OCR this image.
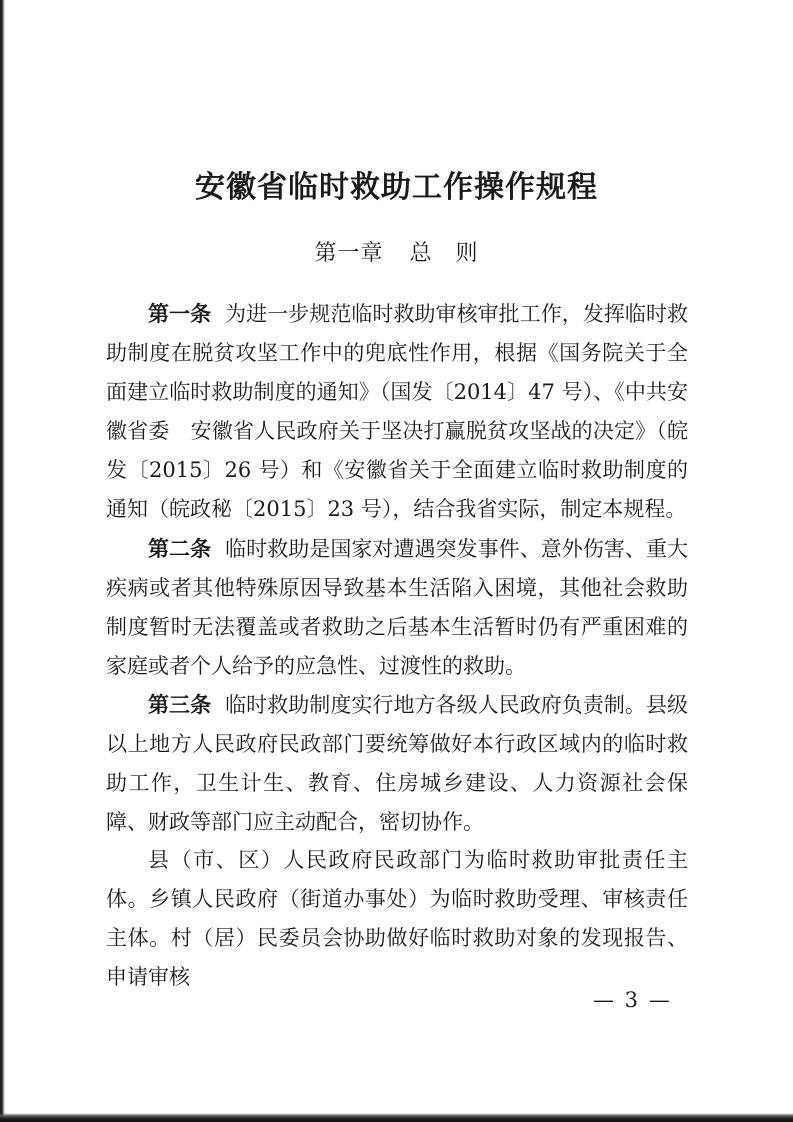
安徽省临时救助工作操作规程
第一章 总　则

第一条 为进一步规范临时救助审核审批工作，发挥临时救助制度在脱贫攻坚工作中的兜底性作用，根据《国务院关于全面建立临时救助制度的通知》（国发〔2014〕47 号）、《中共安徽省委　安徽省人民政府关于坚决打赢脱贫攻坚战的决定》（皖发〔2015〕26 号）和《安徽省关于全面建立临时救助制度的通知（皖政秘〔2015〕23 号），结合我省实际，制定本规程。

第二条 临时救助是国家对遭遇突发事件、意外伤害、重大疾病或者其他特殊原因导致基本生活陷入困境，其他社会救助制度暂时无法覆盖或者救助之后基本生活暂时仍有严重困难的家庭或者个人给予的应急性、过渡性的救助。

第三条 临时救助制度实行地方各级人民政府负责制。县级以上地方人民政府民政部门要统筹做好本行政区域内的临时救助工作，卫生计生、教育、住房城乡建设、人力资源社会保障、财政等部门应主动配合，密切协作。

县（市、区）人民政府民政部门为临时救助审批责任主体。乡镇人民政府（街道办事处）为临时救助受理、审核责任主体。村（居）民委员会协助做好临时救助对象的发现报告、申请审核

— 3 —
